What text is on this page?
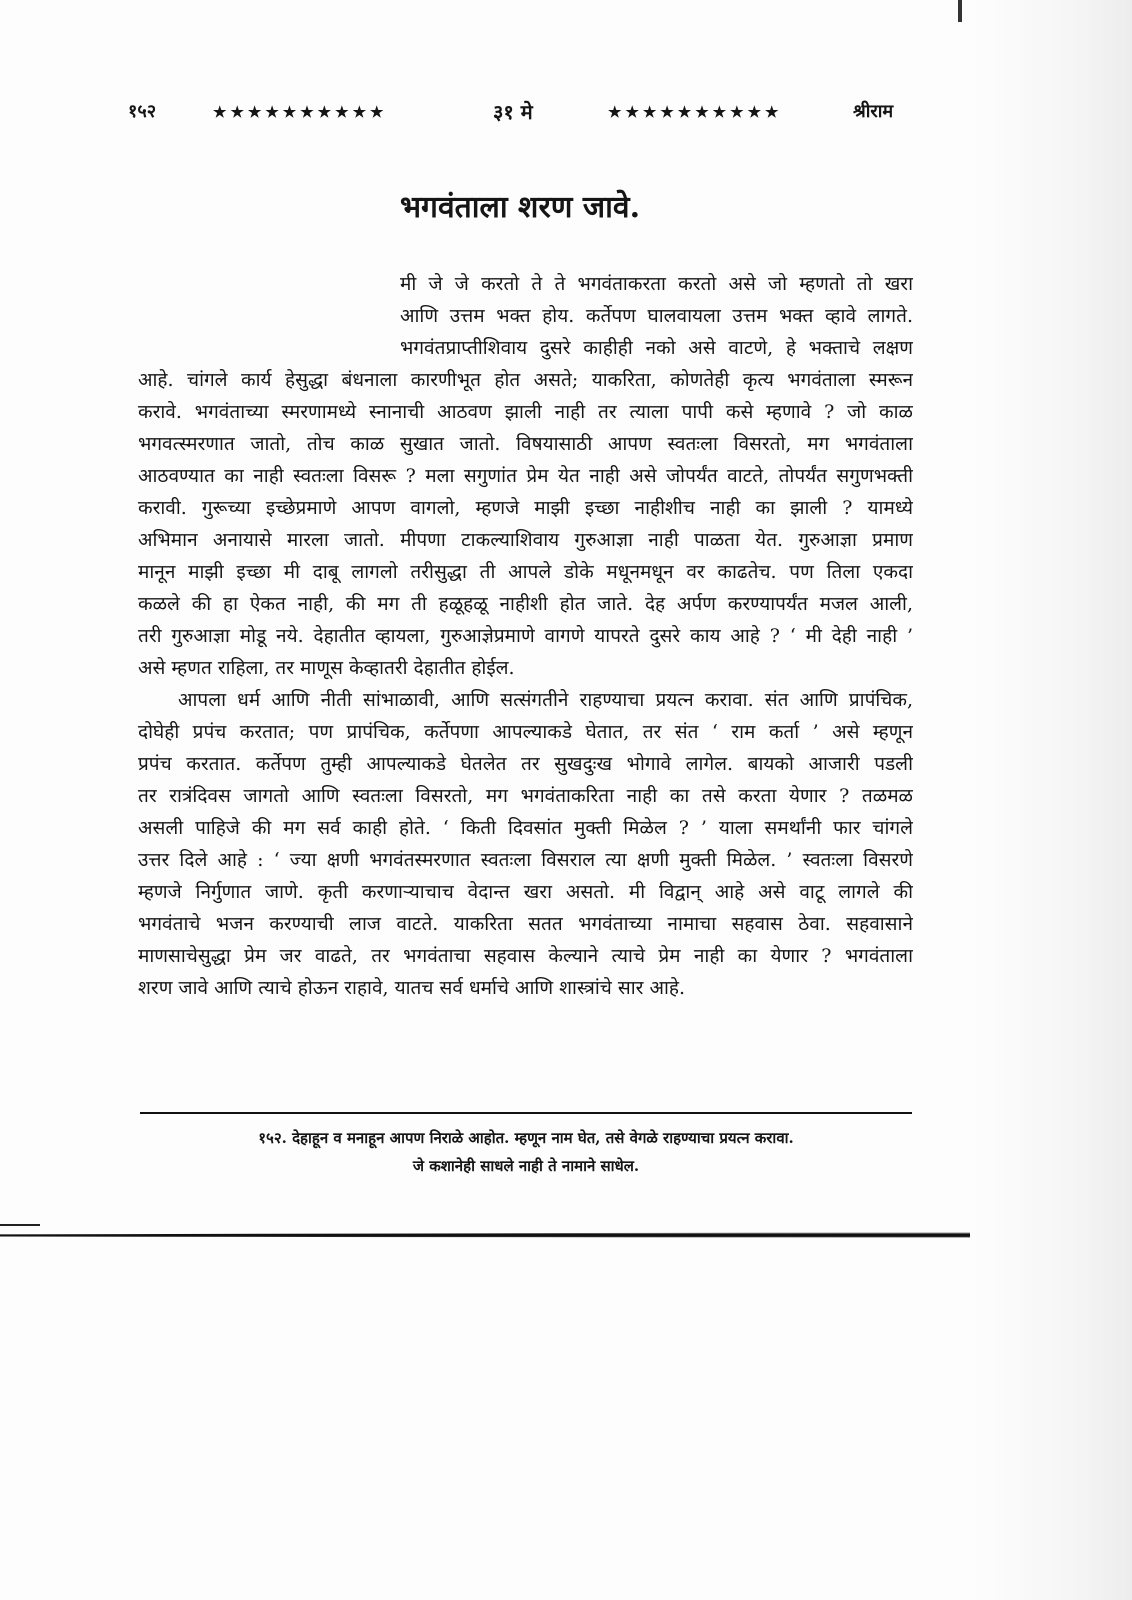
१५२	★★★★★★★★★★	३१ मे	★★★★★★★★★★	श्रीराम
भगवंताला शरण जावे.
मी जे जे करतो ते ते भगवंताकरता करतो असे जो म्हणतो तो खरा
आणि उत्तम भक्त होय. कर्तेपण घालवायला उत्तम भक्त व्हावे लागते.
भगवंतप्राप्तीशिवाय दुसरे काहीही नको असे वाटणे, हे भक्ताचे लक्षण
आहे. चांगले कार्य हेसुद्धा बंधनाला कारणीभूत होत असते; याकरिता, कोणतेही कृत्य भगवंताला स्मरून
करावे. भगवंताच्या स्मरणामध्ये स्नानाची आठवण झाली नाही तर त्याला पापी कसे म्हणावे ? जो काळ
भगवत्स्मरणात जातो, तोच काळ सुखात जातो. विषयासाठी आपण स्वतःला विसरतो, मग भगवंताला
आठवण्यात का नाही स्वतःला विसरू ? मला सगुणांत प्रेम येत नाही असे जोपर्यंत वाटते, तोपर्यंत सगुणभक्ती
करावी. गुरूच्या इच्छेप्रमाणे आपण वागलो, म्हणजे माझी इच्छा नाहीशीच नाही का झाली ? यामध्ये
अभिमान अनायासे मारला जातो. मीपणा टाकल्याशिवाय गुरुआज्ञा नाही पाळता येत. गुरुआज्ञा प्रमाण
मानून माझी इच्छा मी दाबू लागलो तरीसुद्धा ती आपले डोके मधूनमधून वर काढतेच. पण तिला एकदा
कळले की हा ऐकत नाही, की मग ती हळूहळू नाहीशी होत जाते. देह अर्पण करण्यापर्यंत मजल आली,
तरी गुरुआज्ञा मोडू नये. देहातीत व्हायला, गुरुआज्ञेप्रमाणे वागणे यापरते दुसरे काय आहे ? ‘ मी देही नाही ’
असे म्हणत राहिला, तर माणूस केव्हातरी देहातीत होईल.
आपला धर्म आणि नीती सांभाळावी, आणि सत्संगतीने राहण्याचा प्रयत्न करावा. संत आणि प्रापंचिक,
दोघेही प्रपंच करतात; पण प्रापंचिक, कर्तेपणा आपल्याकडे घेतात, तर संत ‘ राम कर्ता ’ असे म्हणून
प्रपंच करतात. कर्तेपण तुम्ही आपल्याकडे घेतलेत तर सुखदुःख भोगावे लागेल. बायको आजारी पडली
तर रात्रंदिवस जागतो आणि स्वतःला विसरतो, मग भगवंताकरिता नाही का तसे करता येणार ? तळमळ
असली पाहिजे की मग सर्व काही होते. ‘ किती दिवसांत मुक्ती मिळेल ? ’ याला समर्थांनी फार चांगले
उत्तर दिले आहे : ‘ ज्या क्षणी भगवंतस्मरणात स्वतःला विसराल त्या क्षणी मुक्ती मिळेल. ’ स्वतःला विसरणे
म्हणजे निर्गुणात जाणे. कृती करणाऱ्याचाच वेदान्त खरा असतो. मी विद्वान् आहे असे वाटू लागले की
भगवंताचे भजन करण्याची लाज वाटते. याकरिता सतत भगवंताच्या नामाचा सहवास ठेवा. सहवासाने
माणसाचेसुद्धा प्रेम जर वाढते, तर भगवंताचा सहवास केल्याने त्याचे प्रेम नाही का येणार ? भगवंताला
शरण जावे आणि त्याचे होऊन राहावे, यातच सर्व धर्माचे आणि शास्त्रांचे सार आहे.
१५२. देहाहून व मनाहून आपण निराळे आहोत. म्हणून नाम घेत, तसे वेगळे राहण्याचा प्रयत्न करावा.
जे कशानेही साधले नाही ते नामाने साधेल.
